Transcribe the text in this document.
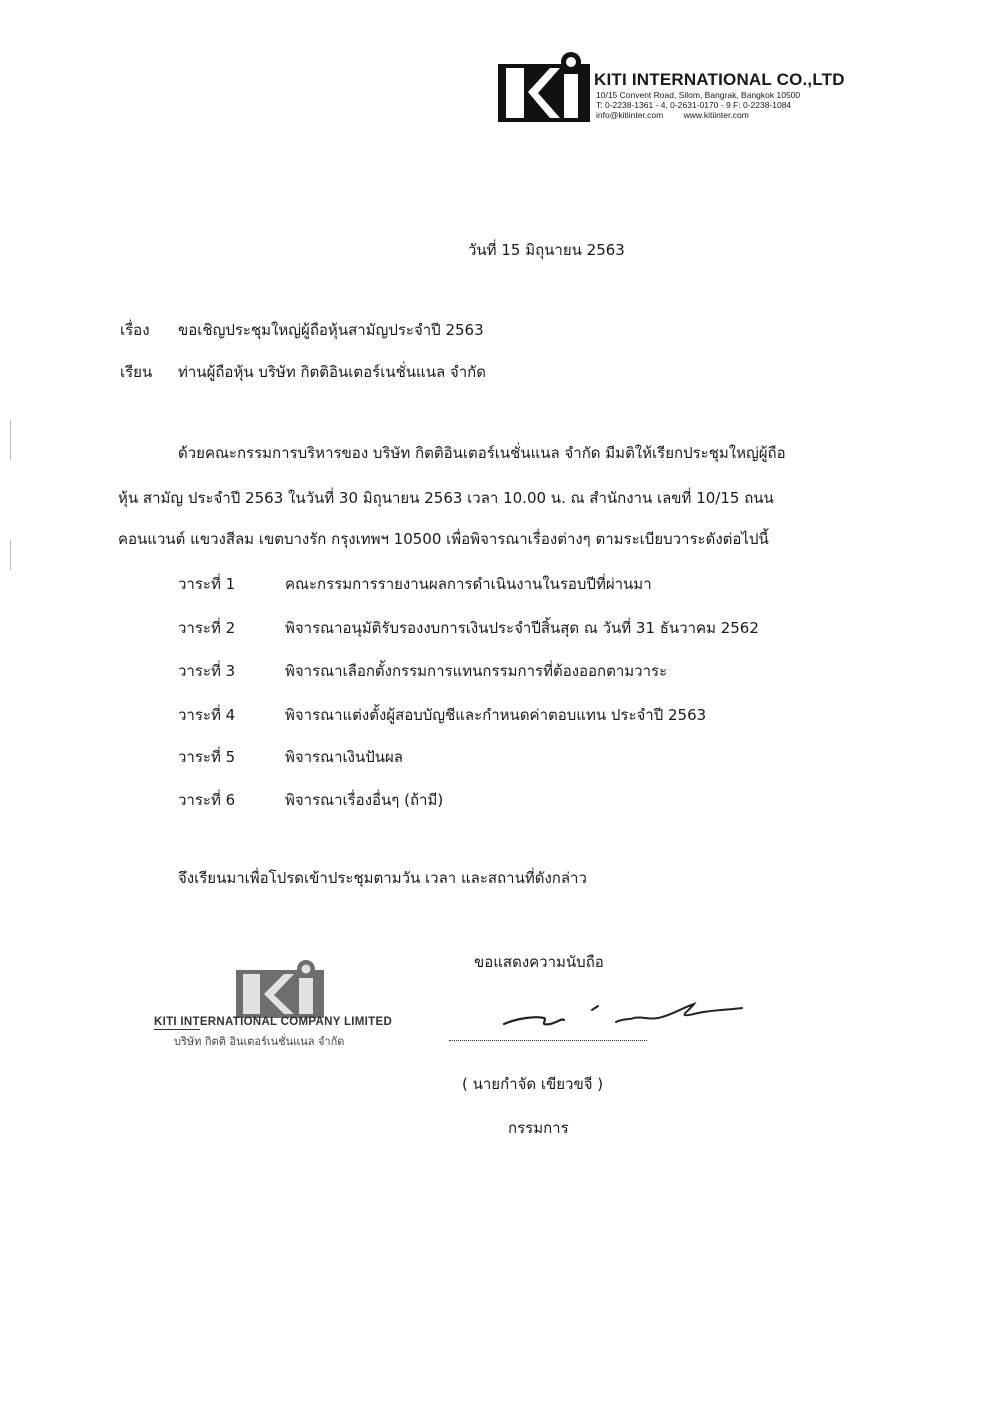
KITI INTERNATIONAL CO.,LTD
10/15 Convent Road, Silom, Bangrak, Bangkok 10500
T: 0-2238-1361 - 4, 0-2631-0170 - 9 F: 0-2238-1084
info@kitiinter.com www.kitiinter.com
วันที่ 15 มิถุนายน 2563
เรื่อง ขอเชิญประชุมใหญ่ผู้ถือหุ้นสามัญประจำปี 2563
เรียน ท่านผู้ถือหุ้น บริษัท กิตติอินเตอร์เนชั่นแนล จำกัด
ด้วยคณะกรรมการบริหารของ บริษัท กิตติอินเตอร์เนชั่นแนล จำกัด มีมติให้เรียกประชุมใหญ่ผู้ถือ
หุ้น สามัญ ประจำปี 2563 ในวันที่ 30 มิถุนายน 2563 เวลา 10.00 น. ณ สำนักงาน เลขที่ 10/15 ถนน
คอนแวนต์ แขวงสีลม เขตบางรัก กรุงเทพฯ 10500 เพื่อพิจารณาเรื่องต่างๆ ตามระเบียบวาระดังต่อไปนี้
วาระที่ 1	คณะกรรมการรายงานผลการดำเนินงานในรอบปีที่ผ่านมา
วาระที่ 2	พิจารณาอนุมัติรับรองงบการเงินประจำปีสิ้นสุด ณ วันที่ 31 ธันวาคม 2562
วาระที่ 3	พิจารณาเลือกตั้งกรรมการแทนกรรมการที่ต้องออกตามวาระ
วาระที่ 4	พิจารณาแต่งตั้งผู้สอบบัญชีและกำหนดค่าตอบแทน ประจำปี 2563
วาระที่ 5	พิจารณาเงินปันผล
วาระที่ 6	พิจารณาเรื่องอื่นๆ (ถ้ามี)
จึงเรียนมาเพื่อโปรดเข้าประชุมตามวัน เวลา และสถานที่ดังกล่าว
KITI INTERNATIONAL COMPANY LIMITED
บริษัท กิตติ อินเตอร์เนชั่นแนล จำกัด
ขอแสดงความนับถือ
( นายกำจัด เขียวขจี )
กรรมการ
